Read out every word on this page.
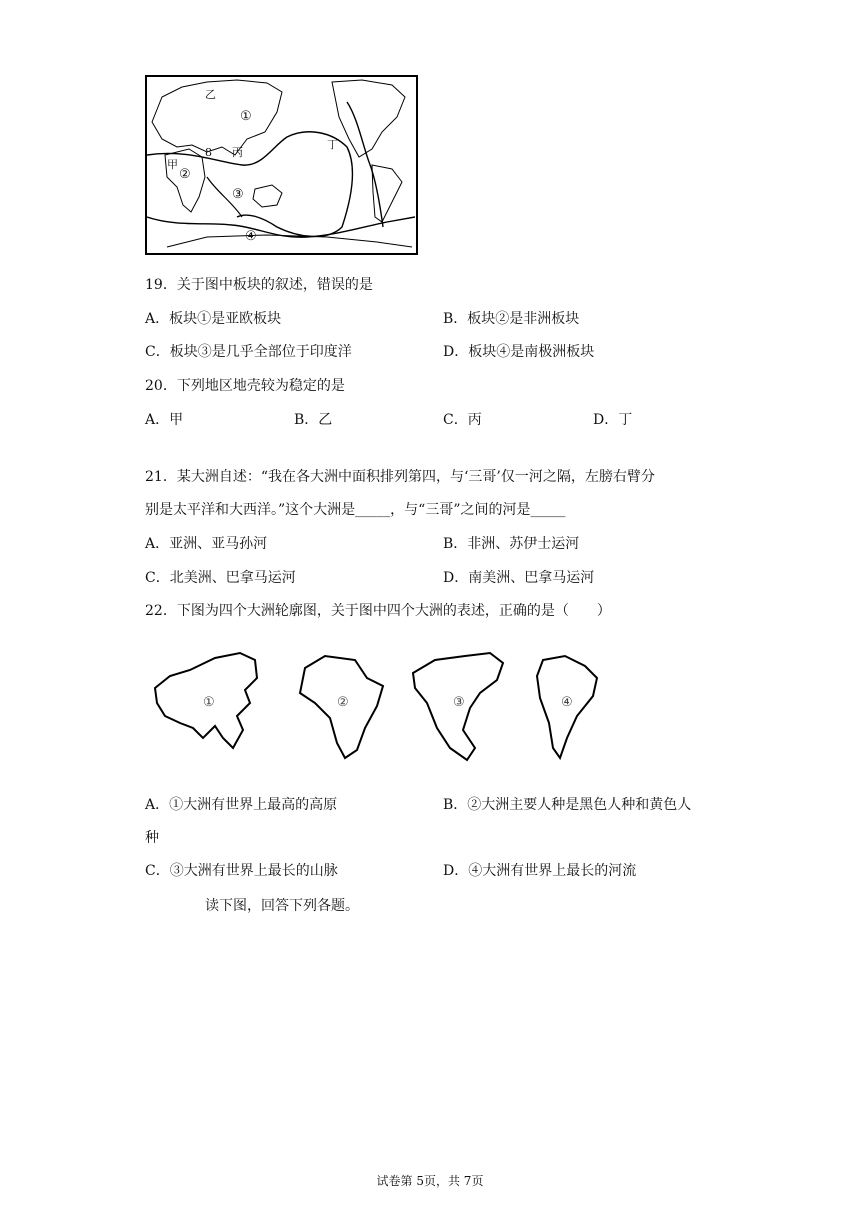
①
乙
甲
②
8 丙
③
丁
④
19．关于图中板块的叙述，错误的是
A．板块①是亚欧板块	B．板块②是非洲板块
C．板块③是几乎全部位于印度洋	D．板块④是南极洲板块
20．下列地区地壳较为稳定的是
A．甲	B．乙	C．丙	D．丁
21．某大洲自述：“我在各大洲中面积排列第四，与‘三哥’仅一河之隔，左膀右臂分
别是太平洋和大西洋。”这个大洲是_____，与“三哥”之间的河是_____
A．亚洲、亚马孙河	B．非洲、苏伊士运河
C．北美洲、巴拿马运河	D．南美洲、巴拿马运河
22．下图为四个大洲轮廓图，关于图中四个大洲的表述，正确的是（　　）
①	②	③	④
A．①大洲有世界上最高的高原	B．②大洲主要人种是黑色人种和黄色人
种
C．③大洲有世界上最长的山脉	D．④大洲有世界上最长的河流
读下图，回答下列各题。
试卷第 5页，共 7页
